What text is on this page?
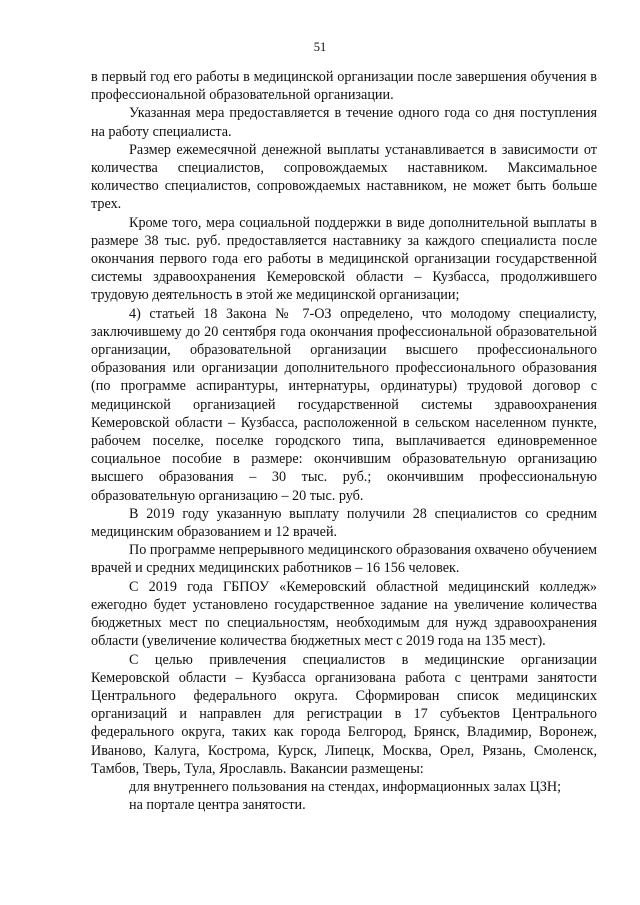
51

в первый год его работы в медицинской организации после завершения обучения в профессиональной образовательной организации.

Указанная мера предоставляется в течение одного года со дня поступления на работу специалиста.

Размер ежемесячной денежной выплаты устанавливается в зависимости от количества специалистов, сопровождаемых наставником. Максимальное количество специалистов, сопровождаемых наставником, не может быть больше трех.

Кроме того, мера социальной поддержки в виде дополнительной выплаты в размере 38 тыс. руб. предоставляется наставнику за каждого специалиста после окончания первого года его работы в медицинской организации государственной системы здравоохранения Кемеровской области – Кузбасса, продолжившего трудовую деятельность в этой же медицинской организации;

4) статьей 18 Закона № 7-ОЗ определено, что молодому специалисту, заключившему до 20 сентября года окончания профессиональной образовательной организации, образовательной организации высшего профессионального образования или организации дополнительного профессионального образования (по программе аспирантуры, интернатуры, ординатуры) трудовой договор с медицинской организацией государственной системы здравоохранения Кемеровской области – Кузбасса, расположенной в сельском населенном пункте, рабочем поселке, поселке городского типа, выплачивается единовременное социальное пособие в размере: окончившим образовательную организацию высшего образования – 30 тыс. руб.; окончившим профессиональную образовательную организацию – 20 тыс. руб.

В 2019 году указанную выплату получили 28 специалистов со средним медицинским образованием и 12 врачей.

По программе непрерывного медицинского образования охвачено обучением врачей и средних медицинских работников – 16 156 человек.

С 2019 года ГБПОУ «Кемеровский областной медицинский колледж» ежегодно будет установлено государственное задание на увеличение количества бюджетных мест по специальностям, необходимым для нужд здравоохранения области (увеличение количества бюджетных мест с 2019 года на 135 мест).

С целью привлечения специалистов в медицинские организации Кемеровской области – Кузбасса организована работа с центрами занятости Центрального федерального округа. Сформирован список медицинских организаций и направлен для регистрации в 17 субъектов Центрального федерального округа, таких как города Белгород, Брянск, Владимир, Воронеж, Иваново, Калуга, Кострома, Курск, Липецк, Москва, Орел, Рязань, Смоленск, Тамбов, Тверь, Тула, Ярославль. Вакансии размещены:

для внутреннего пользования на стендах, информационных залах ЦЗН;

на портале центра занятости.
